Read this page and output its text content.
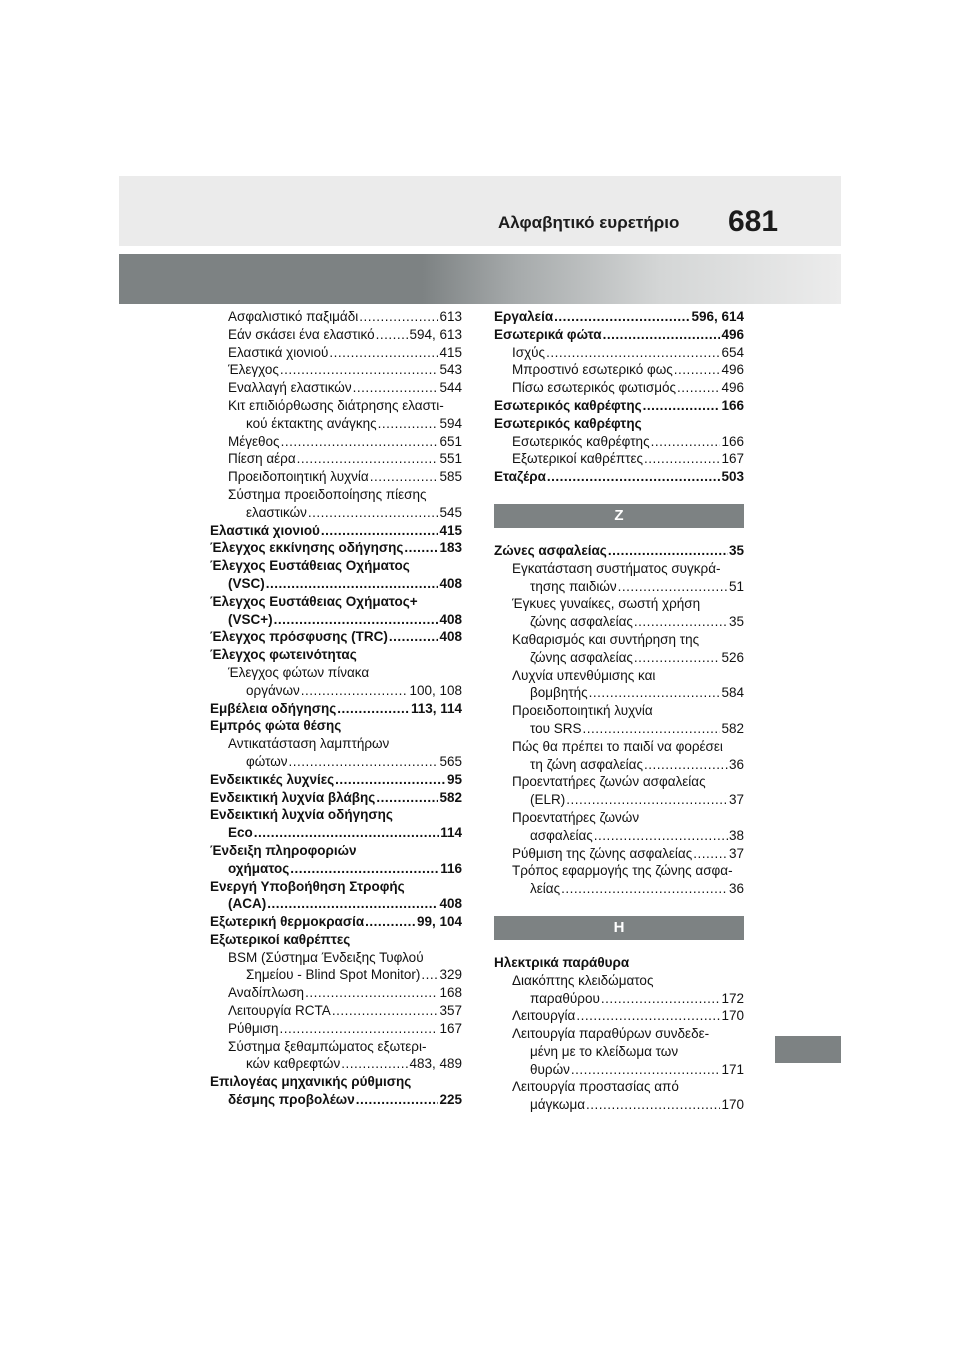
Αλφαβητικό ευρετήριο 681
Ασφαλιστικό παξιμάδι .....	613
Εάν σκάσει ένα ελαστικό .....	594, 613
Ελαστικά χιονιού .....	415
Έλεγχος .....	543
Εναλλαγή ελαστικών .....	544
Κιτ επιδιόρθωσης διάτρησης ελαστι-
κού έκτακτης ανάγκης .....	594
Μέγεθος .....	651
Πίεση αέρα .....	551
Προειδοποιητική λυχνία .....	585
Σύστημα προειδοποίησης πίεσης
ελαστικών .....	545
Ελαστικά χιονιού .....	415
Έλεγχος εκκίνησης οδήγησης .....	183
Έλεγχος Ευστάθειας Οχήματος
(VSC) .....	408
Έλεγχος Ευστάθειας Οχήματος+
(VSC+) .....	408
Έλεγχος πρόσφυσης (TRC) .....	408
Έλεγχος φωτεινότητας
Έλεγχος φώτων πίνακα
οργάνων .....	100, 108
Εμβέλεια οδήγησης .....	113, 114
Εμπρός φώτα θέσης
Αντικατάσταση λαμπτήρων
φώτων .....	565
Ενδεικτικές λυχνίες .....	95
Ενδεικτική λυχνία βλάβης .....	582
Ενδεικτική λυχνία οδήγησης
Eco .....	114
Ένδειξη πληροφοριών
οχήματος .....	116
Ενεργή Υποβοήθηση Στροφής
(ACA) .....	408
Εξωτερική θερμοκρασία .....	99, 104
Εξωτερικοί καθρέπτες
BSM (Σύστημα Ένδειξης Τυφλού
Σημείου - Blind Spot Monitor) ..... 329
Αναδίπλωση .....	168
Λειτουργία RCTA .....	357
Ρύθμιση .....	167
Σύστημα ξεθαμπώματος εξωτερι-
κών καθρεφτών .....	483, 489
Επιλογέας μηχανικής ρύθμισης
δέσμης προβολέων .....	225
Εργαλεία .....	596, 614
Εσωτερικά φώτα .....	496
Ισχύς .....	654
Μπροστινό εσωτερικό φως .....	496
Πίσω εσωτερικός φωτισμός .....	496
Εσωτερικός καθρέφτης .....	166
Εσωτερικός καθρέφτης
Εσωτερικός καθρέφτης .....	166
Εξωτερικοί καθρέπτες .....	167
Εταζέρα .....	503
Ζ
Ζώνες ασφαλείας .....	35
Εγκατάσταση συστήματος συγκρά-
τησης παιδιών .....	51
Έγκυες γυναίκες, σωστή χρήση
ζώνης ασφαλείας .....	35
Καθαρισμός και συντήρηση της
ζώνης ασφαλείας .....	526
Λυχνία υπενθύμισης και
βομβητής .....	584
Προειδοποιητική λυχνία
του SRS .....	582
Πώς θα πρέπει το παιδί να φορέσει
τη ζώνη ασφαλείας .....	36
Προεντατήρες ζωνών ασφαλείας
(ELR) .....	37
Προεντατήρες ζωνών
ασφαλείας .....	38
Ρύθμιση της ζώνης ασφαλείας .....	37
Τρόπος εφαρμογής της ζώνης ασφα-
λείας .....	36
Η
Ηλεκτρικά παράθυρα
Διακόπτης κλειδώματος
παραθύρου .....	172
Λειτουργία .....	170
Λειτουργία παραθύρων συνδεδε-
μένη με το κλείδωμα των
θυρών .....	171
Λειτουργία προστασίας από
μάγκωμα .....	170
